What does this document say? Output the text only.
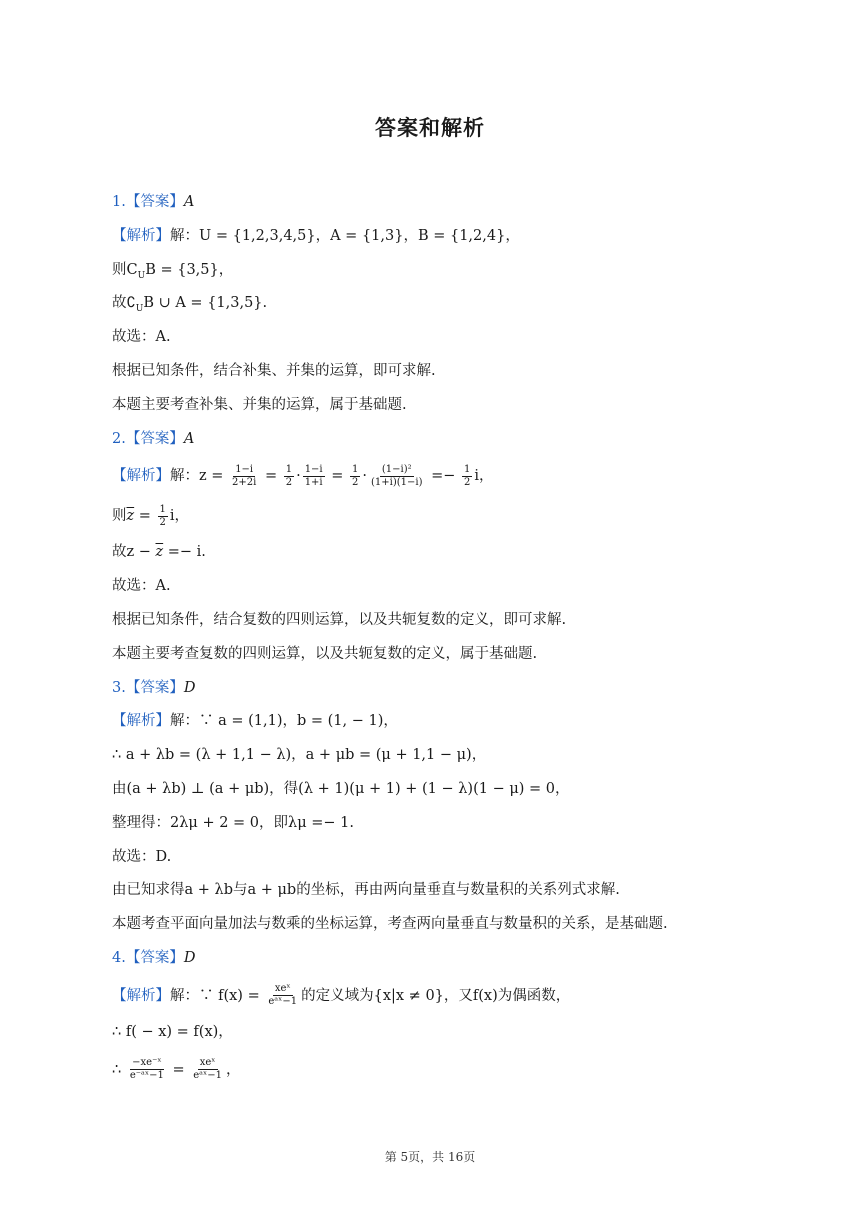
答案和解析
1.【答案】A
【解析】解：U = {1,2,3,4,5}，A = {1,3}，B = {1,2,4}，
则$C_UB = \{3,5\}$，
故$∁_UB$ ∪ A = {1,3,5}.
故选：A.
根据已知条件，结合补集、并集的运算，即可求解.
本题主要考查补集、并集的运算，属于基础题.
2.【答案】A
【解析】解：$z = \frac{1-i}{2+2i} = \frac{1}{2} \cdot \frac{1-i}{1+i} = \frac{1}{2} \cdot \frac{\text{(1−i)²}}{(1+i)(1-i)} =- \frac{1}{2}$ i，
则$\overline{z} = \frac{1}{2}$ i，
故$z - \overline{z} =- i$.
故选：A.
根据已知条件，结合复数的四则运算，以及共轭复数的定义，即可求解.
本题主要考查复数的四则运算，以及共轭复数的定义，属于基础题.
3.【答案】D
【解析】解：∵ a = (1,1)，b = (1, − 1)，
∴ a + λb = (λ + 1,1 − λ)，a + μb = (μ + 1,1 − μ)，
由(a + λb) ⊥ (a + μb)，得(λ + 1)(μ + 1) + (1 − λ)(1 − μ) = 0，
整理得：2λμ + 2 = 0，即λμ =− 1.
故选：D.
由已知求得a + λb与a + μb的坐标，再由两向量垂直与数量积的关系列式求解.
本题考查平面向量加法与数乘的坐标运算，考查两向量垂直与数量积的关系，是基础题.
4.【答案】D
【解析】解：∵ $f(x) = \frac{\text{xeˣ}}{\text{eᵃˣ−1}}$ 的定义域为{x|x ≠ 0}，又f(x)为偶函数，
∴ f( − x) = f(x)，
∴ $\frac{\text{−xe⁻ˣ}}{\text{e⁻ᵃˣ−1}} = \frac{\text{xeˣ}}{\text{eᵃˣ−1}}$ ，
第 5页，共 16页
